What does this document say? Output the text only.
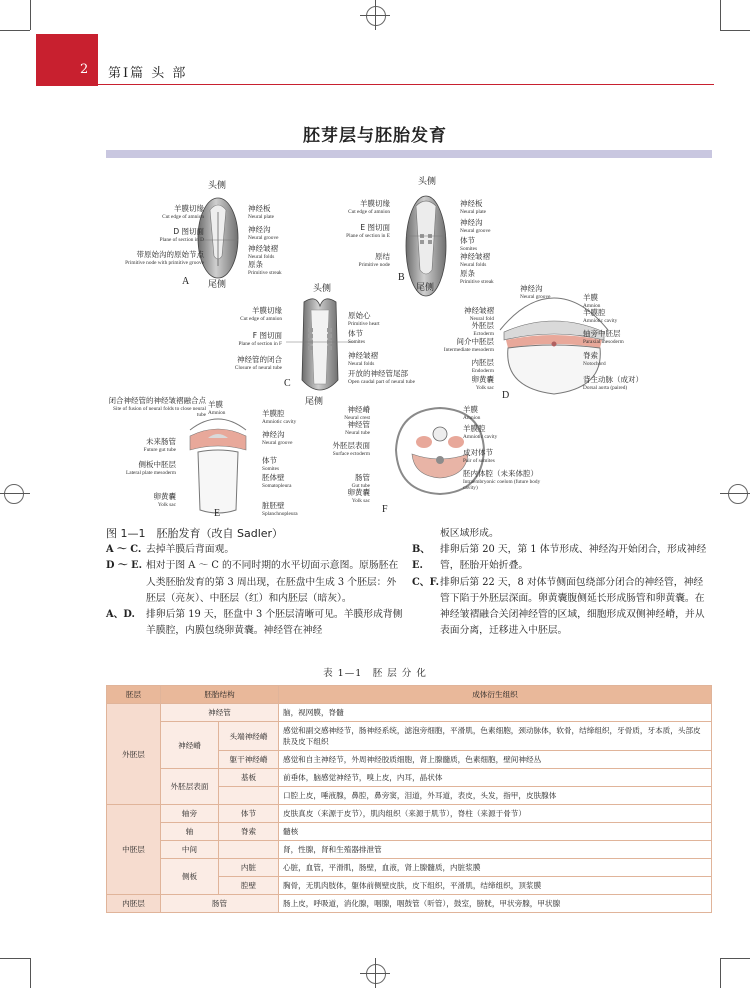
2 第Ⅰ篇 头 部
胚芽层与胚胎发育
头侧
尾侧
A
羊膜切缘
Cut edge of amnion
D 图切面
Plane of section in D
带原始沟的原始节点
Primitive node with primitive groove
神经板
Neural plate
神经沟
Neural groove
神经皱褶
Neural folds
原条
Primitive streak
头侧
尾侧
B
羊膜切缘
Cut edge of amnion
E 图切面
Plane of section in E
原结
Primitive node
神经板
Neural plate
神经沟
Neural groove
体节
Somites
神经皱褶
Neural folds
原条
Primitive streak
头侧
尾侧
C
羊膜切缘
Cut edge of amnion
F 图切面
Plane of section in F
神经管的闭合
Closure of neural tube
原始心
Primitive heart
体节
Somites
神经皱褶
Neural folds
开放的神经管尾部
Open caudal part of neural tube
D
神经沟
Neural groove
神经皱褶
Neural fold
外胚层
Ectoderm
间介中胚层
Intermediate mesoderm
内胚层
Endoderm
卵黄囊
Yolk sac
羊膜
Amnion
羊膜腔
Amniotic cavity
轴旁中胚层
Paraxial mesoderm
脊索
Notochord
背主动脉（成对）
Dorsal aorta (paired)
E
闭合神经管的神经皱褶融合点
Site of fusion of neural folds to close neural tube
未来肠管
Future gut tube
侧板中胚层
Lateral plate mesoderm
卵黄囊
Yolk sac
羊膜
Amnion	羊膜腔
Amniotic cavity
神经沟
Neural groove
体节
Somites
胚体壁
Somatopleura
脏胚壁
Splanchnopleura	F
神经嵴
Neural crest
神经管
Neural tube
外胚层表面
Surface ectoderm
肠管
Gut tube
卵黄囊
Yolk sac
羊膜
Amnion
羊膜腔
Amniotic cavity
成对体节
Pair of somites
胚内体腔（未来体腔）
Intraembryonic coelom (future body cavity)
图 1—1　胚胎发育（改自 Sadler）
A ～ C. 去掉羊膜后背面观。
D ～ E. 相对于图 A ～ C 的不同时期的水平切面示意图。原肠胚在人类胚胎发育的第 3 周出现，在胚盘中生成 3 个胚层：外胚层（亮灰）、中胚层（红）和内胚层（暗灰）。
A、D.	排卵后第 19 天，胚盘中 3 个胚层清晰可见。羊膜形成背侧羊膜腔，内膜包绕卵黄囊。神经管在神经
板区域形成。
B、E.
排卵后第 20 天，第 1 体节形成、神经沟开始闭合，形成神经管，胚胎开始折叠。
C、F. 排卵后第 22 天，8 对体节侧面包绕部分闭合的神经管，神经管下陷于外胚层深面。卵黄囊腹侧延长形成肠管和卵黄囊。在神经皱褶融合关闭神经管的区域，细胞形成双侧神经嵴，并从表面分离，迁移进入中胚层。
表 1—1　胚 层 分 化
胚层	胚胎结构		成体衍生组织
外胚层	神经管		脑，视网膜，脊髓
	神经嵴	头端神经嵴	感觉和副交感神经节，肠神经系统，滤泡旁细胞，平滑肌，色素细胞，颈动脉体，软骨，结缔组织，牙骨质，牙本质，头部皮肤及皮下组织
		躯干神经嵴	感觉和自主神经节，外周神经胶质细胞，肾上腺髓质，色素细胞，壁间神经丛
	外胚层表面	基板	前垂体，脑感觉神经节，嗅上皮，内耳，晶状体
			口腔上皮，唾液腺，鼻腔，鼻旁窦，泪道，外耳道，表皮，头发，指甲，皮肤腺体
中胚层	轴旁	体节	皮肤真皮（来源于皮节），肌肉组织（来源于肌节），脊柱（来源于骨节）
	轴	脊索	髓核
	中间		肾，性腺，肾和生殖器排泄管
	侧板	内脏	心脏，血管，平滑肌，肠壁，血液，肾上腺髓质，内脏浆膜
		腔壁	胸骨，无肌肉肢体，躯体前侧壁皮肤，皮下组织，平滑肌，结缔组织，顶浆膜
内胚层	肠管		肠上皮，呼吸道，消化腺，咽腺，咽鼓管（听管），鼓室，膀胱，甲状旁腺，甲状腺
